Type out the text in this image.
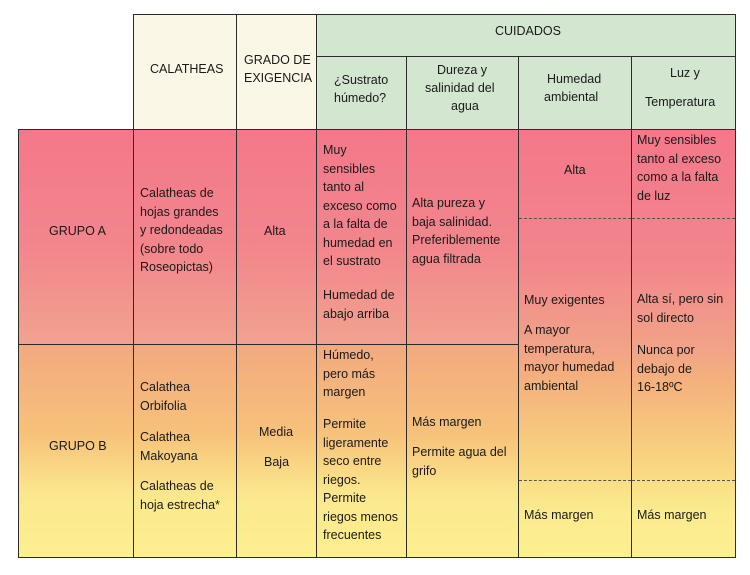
CALATHEAS
GRADO DE
EXIGENCIA
CUIDADOS
¿Sustrato
húmedo?
Dureza y
salinidad del
agua
Humedad
ambiental
Luz y
Temperatura
GRUPO A

Calatheas de

hojas grandes

y redondeadas

(sobre todo

Roseopictas)

Alta

Muy

sensibles

tanto al

exceso como

a la falta de

humedad en

el sustrato

Humedad de

abajo arriba

Alta pureza y

baja salinidad.

Preferiblemente

agua filtrada

GRUPO B

Calathea

Orbifolia

Calathea

Makoyana

Calatheas de

hoja estrecha*

Media
Baja

Húmedo,

pero más

margen

Permite

ligeramente

seco entre

riegos.

Permite

riegos menos

frecuentes

Más margen

Permite agua del

grifo

Alta
Muy exigentes

A mayor

temperatura,

mayor humedad

ambiental

Más margen

Muy sensibles

tanto al exceso

como a la falta

de luz

Alta sí, pero sin

sol directo

Nunca por

debajo de

16-18ºC

Más margen
